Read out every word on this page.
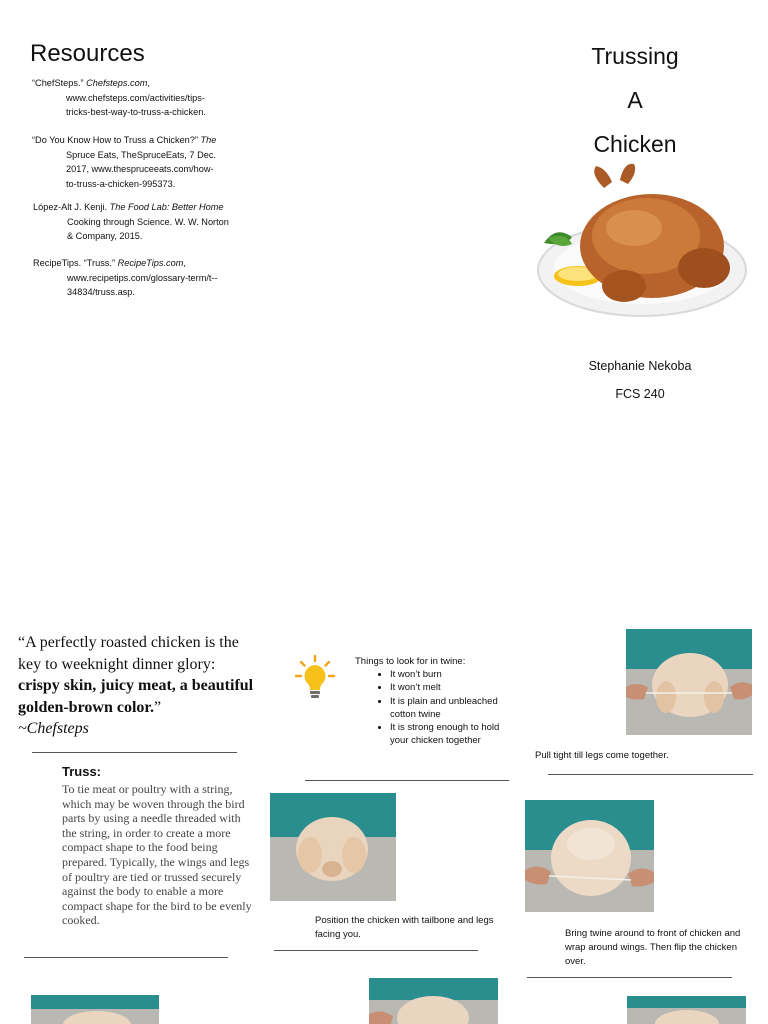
Resources
“ChefSteps.” Chefsteps.com,
www.chefsteps.com/activities/tips-
tricks-best-way-to-truss-a-chicken.
“Do You Know How to Truss a Chicken?” The
Spruce Eats, TheSpruceEats, 7 Dec.
2017, www.thespruceeats.com/how-
to-truss-a-chicken-995373.
López-Alt J. Kenji. The Food Lab: Better Home
Cooking through Science. W. W. Norton
& Company, 2015.
RecipeTips. “Truss.” RecipeTips.com,
www.recipetips.com/glossary-term/t--
34834/truss.asp.
Trussing
A
Chicken
Stephanie Nekoba
FCS 240
“A perfectly roasted chicken is the key to weeknight dinner glory: crispy skin, juicy meat, a beautiful golden-brown color.”
~Chefsteps
Truss:
To tie meat or poultry with a string, which may be woven through the bird parts by using a needle threaded with the string, in order to create a more compact shape to the food being prepared. Typically, the wings and legs of poultry are tied or trussed securely against the body to enable a more compact shape for the bird to be evenly cooked.
Things to look for in twine:
• It won’t burn
• It won’t melt
• It is plain and unbleached cotton twine
• It is strong enough to hold your chicken together
Position the chicken with tailbone and legs facing you.
Pull tight till legs come together.
Bring twine around to front of chicken and wrap around wings. Then flip the chicken over.
